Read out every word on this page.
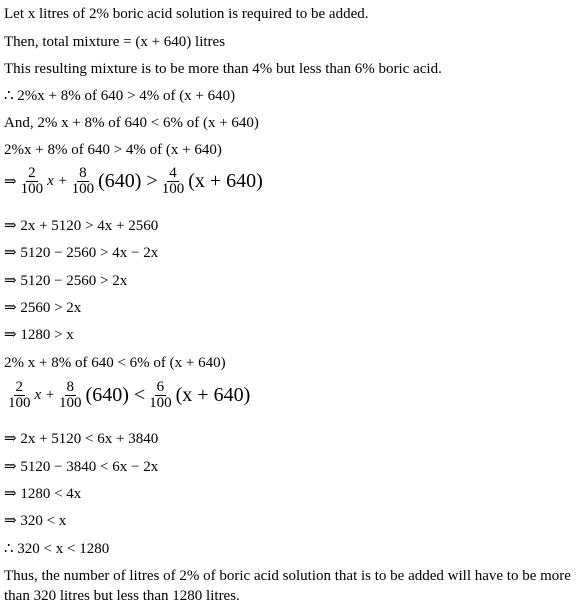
Let x litres of 2% boric acid solution is required to be added.
Then, total mixture = (x + 640) litres
This resulting mixture is to be more than 4% but less than 6% boric acid.
∴ 2%x + 8% of 640 > 4% of (x + 640)
And, 2% x + 8% of 640 < 6% of (x + 640)
2%x + 8% of 640 > 4% of (x + 640)
⇒ $\frac{2}{100}$ $x + \frac{8}{100} (640) > \frac{4}{100} (x + 640)$
⇒ 2x + 5120 > 4x + 2560
⇒ 5120 − 2560 > 4x − 2x
⇒ 5120 − 2560 > 2x
⇒ 2560 > 2x
⇒ 1280 > x
2% x + 8% of 640 < 6% of (x + 640)
$\frac{2}{100}$ $x + \frac{8}{100} (640) < \frac{6}{100} (x + 640)$
⇒ 2x + 5120 < 6x + 3840
⇒ 5120 − 3840 < 6x − 2x
⇒ 1280 < 4x
⇒ 320 < x
∴ 320 < x < 1280
Thus, the number of litres of 2% of boric acid solution that is to be added will have to be more than 320 litres but less than 1280 litres.
